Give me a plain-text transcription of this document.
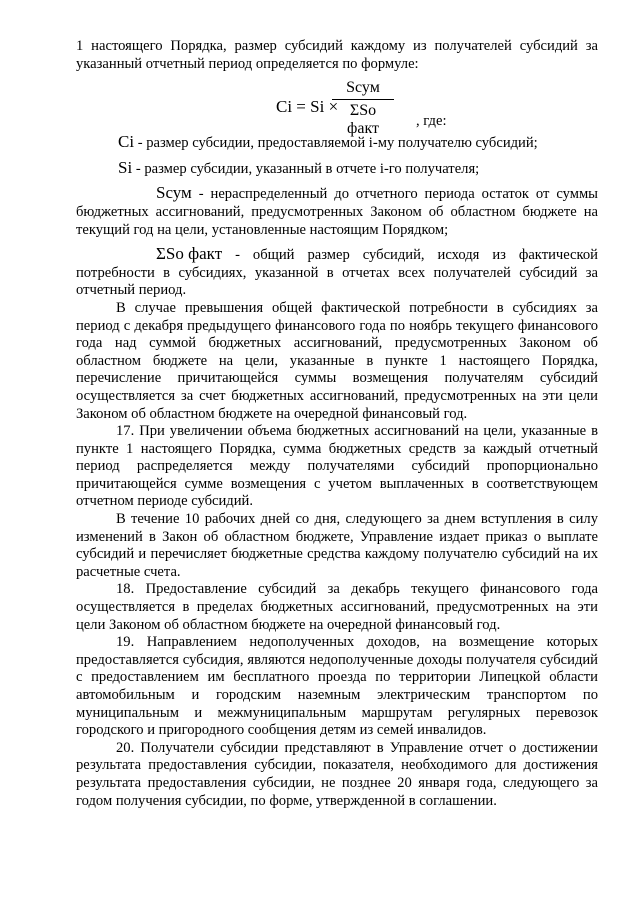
1 настоящего Порядка, размер субсидий каждому из получателей субсидий за указанный отчетный период определяется по формуле:

Ci = Si ×
Sсум
ΣSo факт	, где:

Ci - размер субсидии, предоставляемой i-му получателю субсидий;

Si - размер субсидии, указанный в отчете i-го получателя;

Sсум - нераспределенный до отчетного периода остаток от суммы бюджетных ассигнований, предусмотренных Законом об областном бюджете на текущий год на цели, установленные настоящим Порядком;

ΣSo факт - общий размер субсидий, исходя из фактической потребности в субсидиях, указанной в отчетах всех получателей субсидий за отчетный период.

В случае превышения общей фактической потребности в субсидиях за период с декабря предыдущего финансового года по ноябрь текущего финансового года над суммой бюджетных ассигнований, предусмотренных Законом об областном бюджете на цели, указанные в пункте 1 настоящего Порядка, перечисление причитающейся суммы возмещения получателям субсидий осуществляется за счет бюджетных ассигнований, предусмотренных на эти цели Законом об областном бюджете на очередной финансовый год.

17. При увеличении объема бюджетных ассигнований на цели, указанные в пункте 1 настоящего Порядка, сумма бюджетных средств за каждый отчетный период распределяется между получателями субсидий пропорционально причитающейся сумме возмещения с учетом выплаченных в соответствующем отчетном периоде субсидий.

В течение 10 рабочих дней со дня, следующего за днем вступления в силу изменений в Закон об областном бюджете, Управление издает приказ о выплате субсидий и перечисляет бюджетные средства каждому получателю субсидий на их расчетные счета.

18. Предоставление субсидий за декабрь текущего финансового года осуществляется в пределах бюджетных ассигнований, предусмотренных на эти цели Законом об областном бюджете на очередной финансовый год.

19. Направлением недополученных доходов, на возмещение которых предоставляется субсидия, являются недополученные доходы получателя субсидий с предоставлением им бесплатного проезда по территории Липецкой области автомобильным и городским наземным электрическим транспортом по муниципальным и межмуниципальным маршрутам регулярных перевозок городского и пригородного сообщения детям из семей инвалидов.

20. Получатели субсидии представляют в Управление отчет о достижении результата предоставления субсидии, показателя, необходимого для достижения результата предоставления субсидии, не позднее 20 января года, следующего за годом получения субсидии, по форме, утвержденной в соглашении.
